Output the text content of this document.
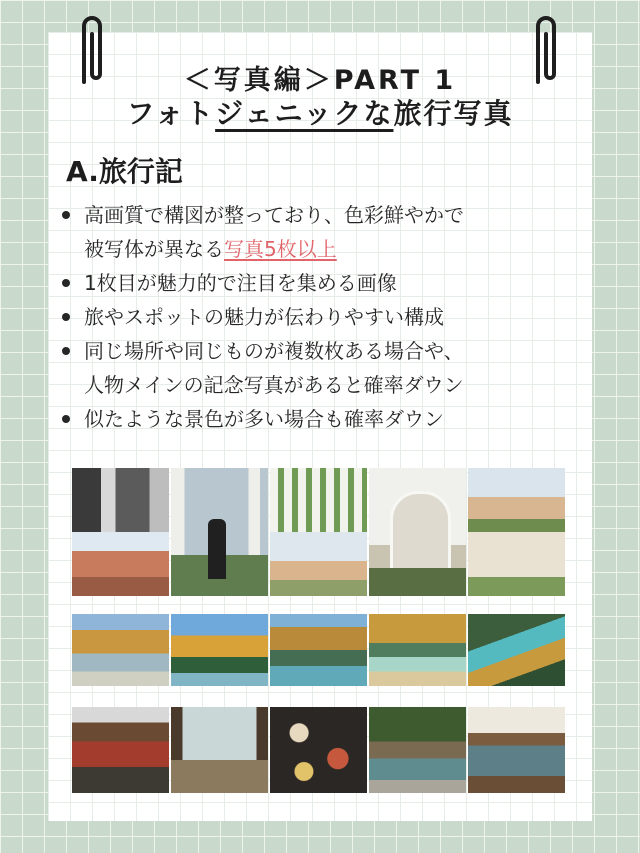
＜写真編＞PART 1
フォトジェニックな旅行写真
A.旅行記
高画質で構図が整っており、色彩鮮やかで
被写体が異なる写真5枚以上
1枚目が魅力的で注目を集める画像
旅やスポットの魅力が伝わりやすい構成
同じ場所や同じものが複数枚ある場合や、
人物メインの記念写真があると確率ダウン
似たような景色が多い場合も確率ダウン
